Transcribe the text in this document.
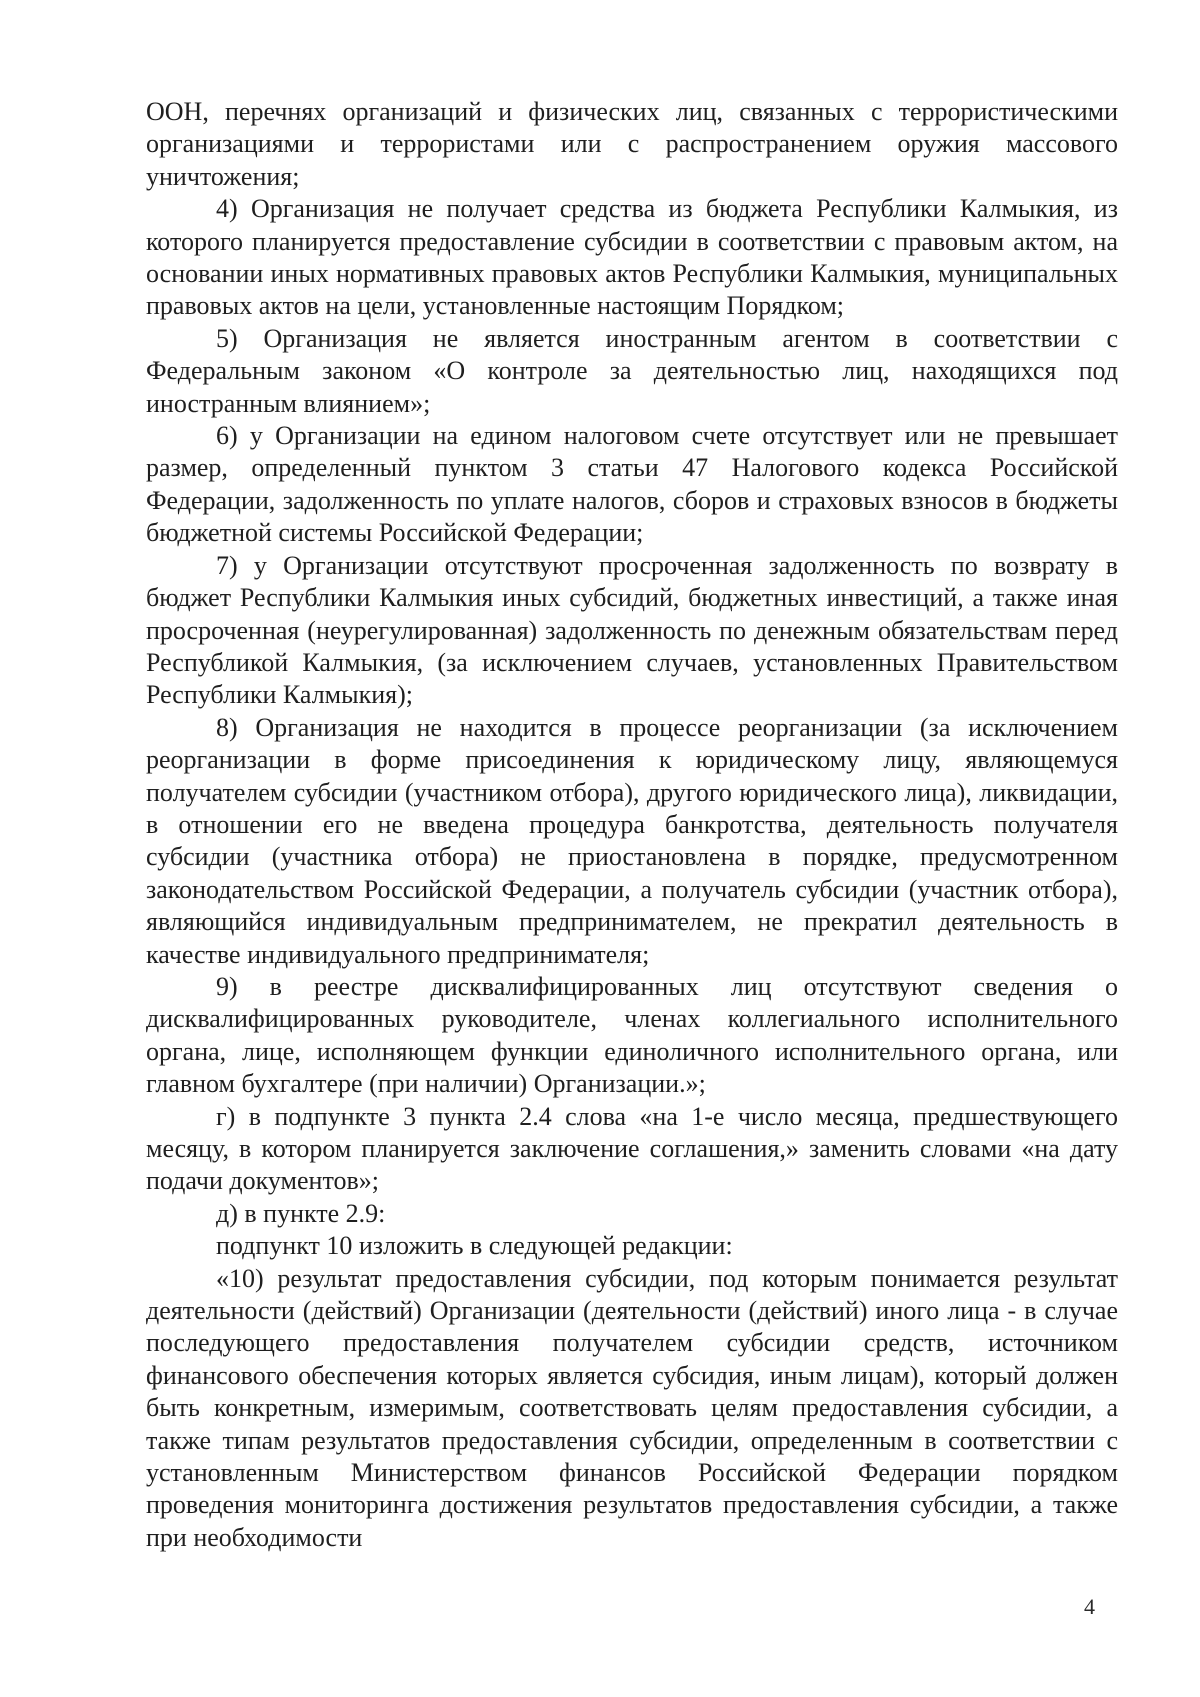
ООН, перечнях организаций и физических лиц, связанных с террористическими организациями и террористами или с распространением оружия массового уничтожения;

4) Организация не получает средства из бюджета Республики Калмыкия, из которого планируется предоставление субсидии в соответствии с правовым актом, на основании иных нормативных правовых актов Республики Калмыкия, муниципальных правовых актов на цели, установленные настоящим Порядком;

5) Организация не является иностранным агентом в соответствии с Федеральным законом «О контроле за деятельностью лиц, находящихся под иностранным влиянием»;

6) у Организации на едином налоговом счете отсутствует или не превышает размер, определенный пунктом 3 статьи 47 Налогового кодекса Российской Федерации, задолженность по уплате налогов, сборов и страховых взносов в бюджеты бюджетной системы Российской Федерации;

7) у Организации отсутствуют просроченная задолженность по возврату в бюджет Республики Калмыкия иных субсидий, бюджетных инвестиций, а также иная просроченная (неурегулированная) задолженность по денежным обязательствам перед Республикой Калмыкия, (за исключением случаев, установленных Правительством Республики Калмыкия);

8) Организация не находится в процессе реорганизации (за исключением реорганизации в форме присоединения к юридическому лицу, являющемуся получателем субсидии (участником отбора), другого юридического лица), ликвидации, в отношении его не введена процедура банкротства, деятельность получателя субсидии (участника отбора) не приостановлена в порядке, предусмотренном законодательством Российской Федерации, а получатель субсидии (участник отбора), являющийся индивидуальным предпринимателем, не прекратил деятельность в качестве индивидуального предпринимателя;

9) в реестре дисквалифицированных лиц отсутствуют сведения о дисквалифицированных руководителе, членах коллегиального исполнительного органа, лице, исполняющем функции единоличного исполнительного органа, или главном бухгалтере (при наличии) Организации.»;

г) в подпункте 3 пункта 2.4 слова «на 1-е число месяца, предшествующего месяцу, в котором планируется заключение соглашения,» заменить словами «на дату подачи документов»;

д) в пункте 2.9:

подпункт 10 изложить в следующей редакции:

«10) результат предоставления субсидии, под которым понимается результат деятельности (действий) Организации (деятельности (действий) иного лица - в случае последующего предоставления получателем субсидии средств, источником финансового обеспечения которых является субсидия, иным лицам), который должен быть конкретным, измеримым, соответствовать целям предоставления субсидии, а также типам результатов предоставления субсидии, определенным в соответствии с установленным Министерством финансов Российской Федерации порядком проведения мониторинга достижения результатов предоставления субсидии, а также при необходимости

4
